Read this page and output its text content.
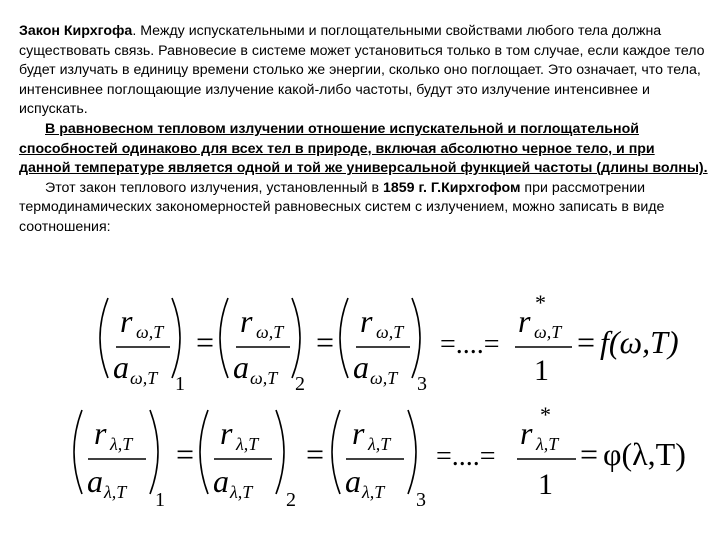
Закон Кирхгофа. Между испускательными и поглощательными свойствами любого тела должна существовать связь. Равновесие в системе может установиться только в том случае, если каждое тело будет излучать в единицу времени столько же энергии, сколько оно поглощает. Это означает, что тела, интенсивнее поглощающие излучение какой-либо частоты, будут это излучение интенсивнее и испускать.

В равновесном тепловом излучении отношение испускательной и поглощательной способностей одинаково для всех тел в природе, включая абсолютно черное тело, и при данной температуре является одной и той же универсальной функцией частоты (длины волны).

Этот закон теплового излучения, установленный в 1859 г. Г.Кирхгофом при рассмотрении термодинамических закономерностей равновесных систем с излучением, можно записать в виде соотношения:

r ω,T
a ω,T 1
=
r ω,T
a ω,T 2
=
r ω,T
a ω,T 3
=....=
*
r ω,T
1
= f(ω,T)
r λ,T
a λ,T 1
=
r λ,T
a λ,T 2
=
r λ,T
a λ,T 3
=....=
*
r λ,T
1
= φ(λ,T)
